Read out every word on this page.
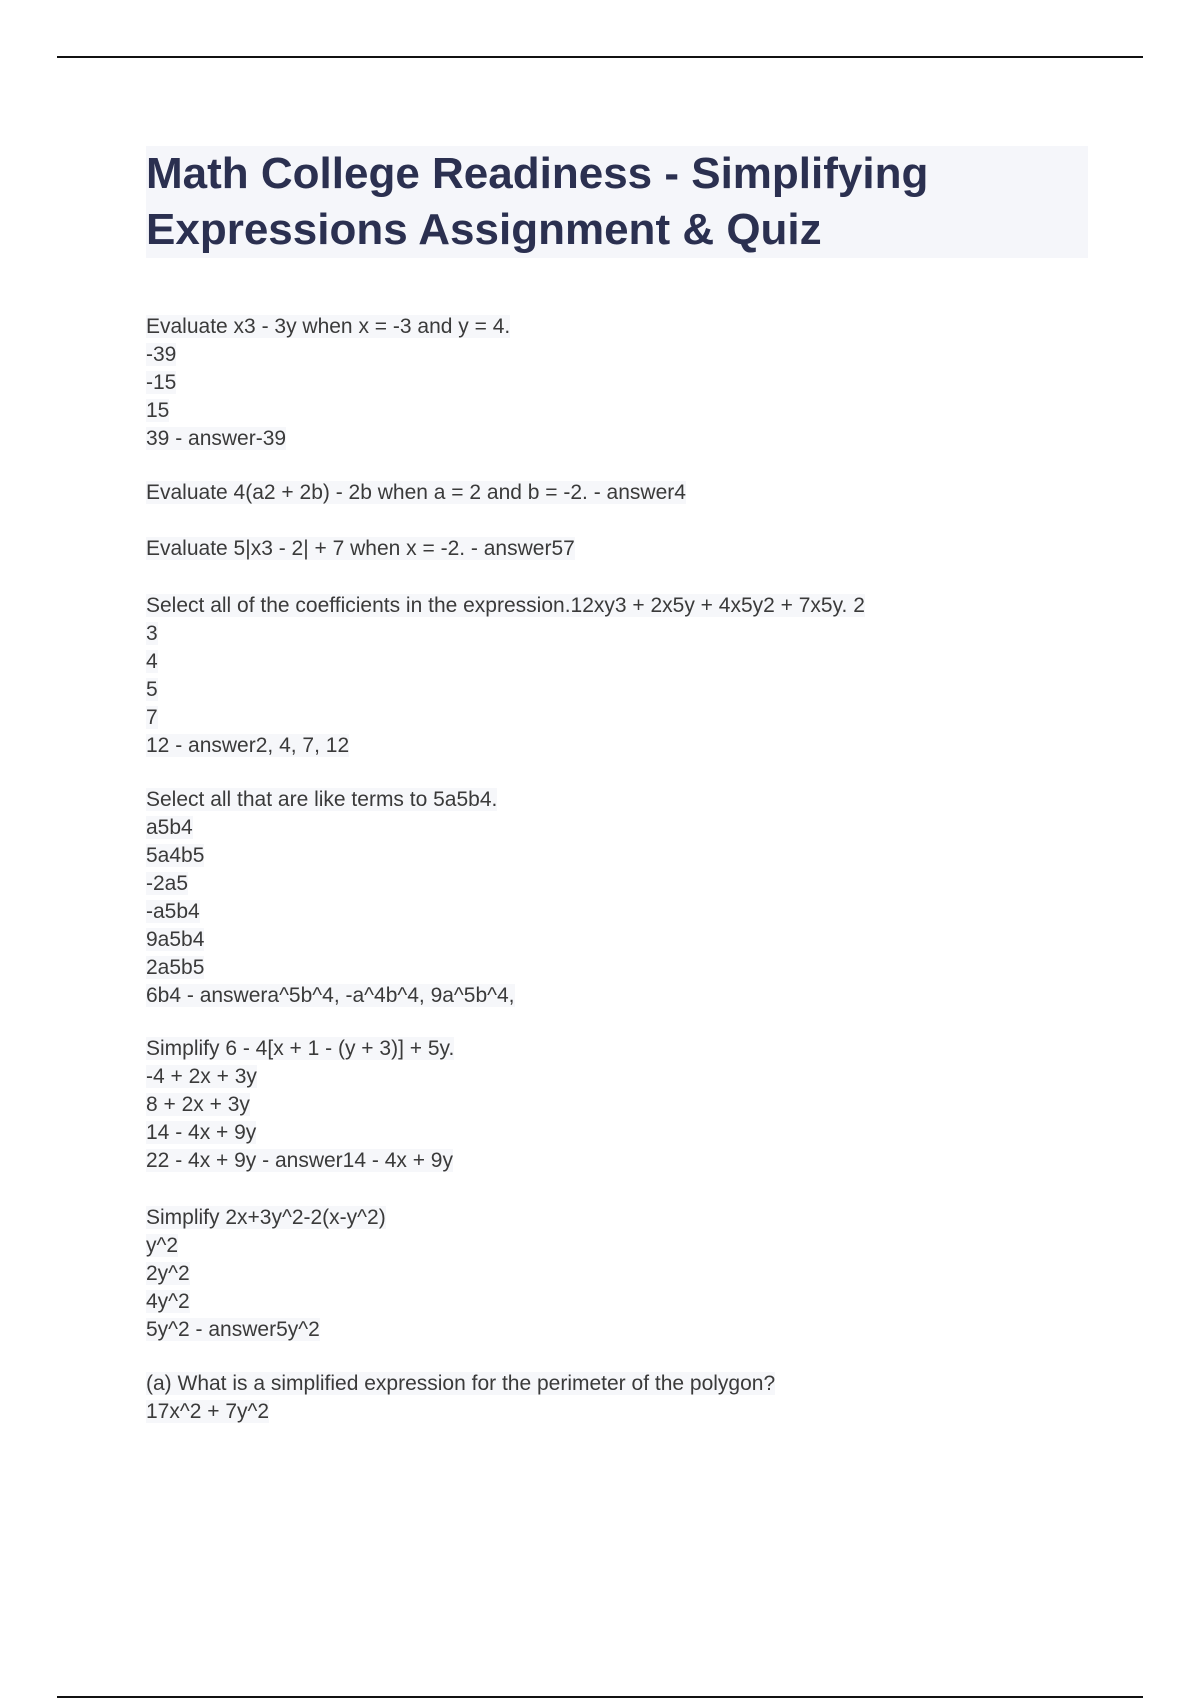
Math College Readiness - Simplifying Expressions Assignment & Quiz
Evaluate x3 - 3y when x = -3 and y = 4.
-39
-15
15
39 - answer-39
Evaluate 4(a2 + 2b) - 2b when a = 2 and b = -2. - answer4
Evaluate 5|x3 - 2| + 7 when x = -2. - answer57
Select all of the coefficients in the expression.12xy3 + 2x5y + 4x5y2 + 7x5y. 2
3
4
5
7
12 - answer2, 4, 7, 12
Select all that are like terms to 5a5b4.
a5b4
5a4b5
-2a5
-a5b4
9a5b4
2a5b5
6b4 - answera^5b^4, -a^4b^4, 9a^5b^4,
Simplify 6 - 4[x + 1 - (y + 3)] + 5y.
-4 + 2x + 3y
8 + 2x + 3y
14 - 4x + 9y
22 - 4x + 9y - answer14 - 4x + 9y
Simplify 2x+3y^2-2(x-y^2)
y^2
2y^2
4y^2
5y^2 - answer5y^2
(a) What is a simplified expression for the perimeter of the polygon?
17x^2 + 7y^2
